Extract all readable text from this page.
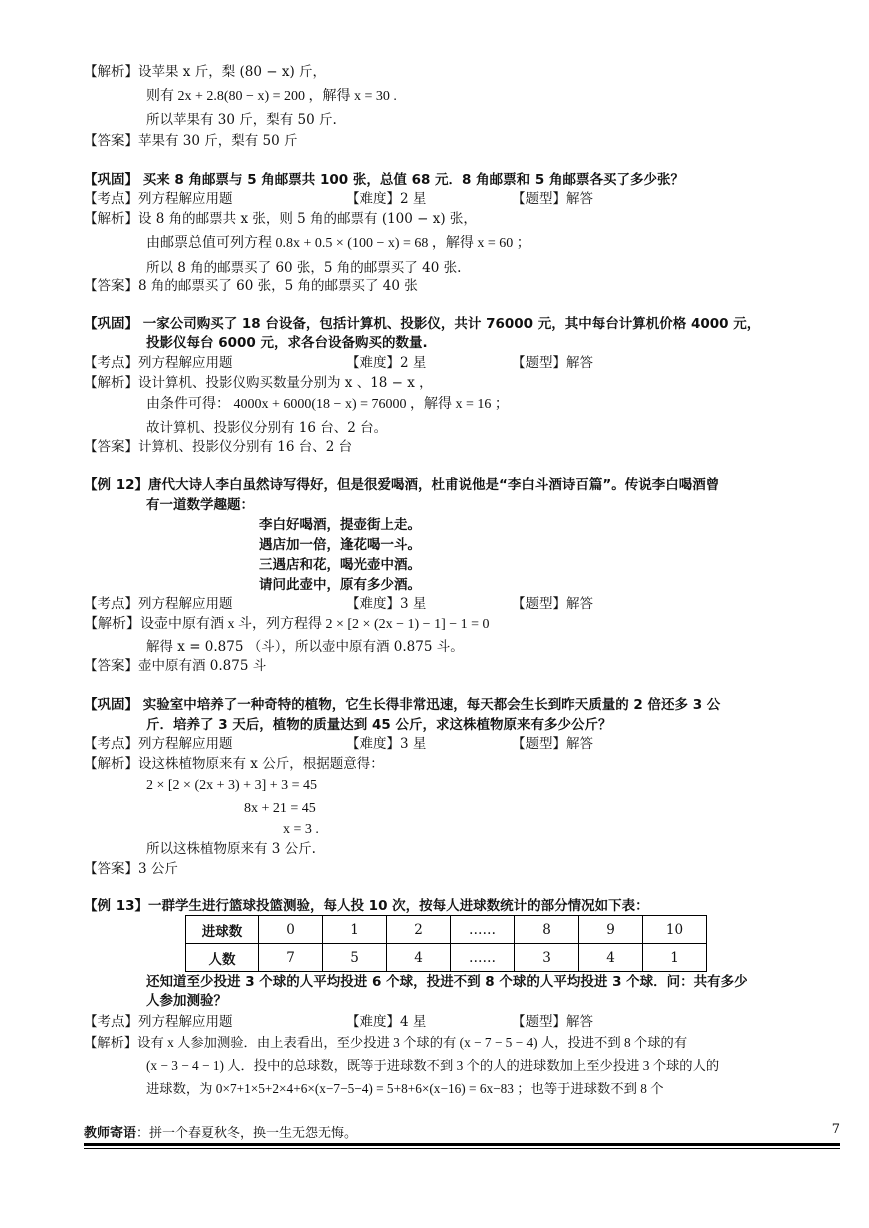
【解析】设苹果 x 斤，梨 (80 − x) 斤，
则有 2x + 2.8(80 − x) = 200 ，解得 x = 30 .
所以苹果有 30 斤，梨有 50 斤.
【答案】苹果有 30 斤，梨有 50 斤
【巩固】 买来 8 角邮票与 5 角邮票共 100 张，总值 68 元．8 角邮票和 5 角邮票各买了多少张？
【考点】列方程解应用题	【难度】2 星	【题型】解答
【解析】设 8 角的邮票共 x 张，则 5 角的邮票有 (100 − x) 张，
由邮票总值可列方程 0.8x + 0.5 × (100 − x) = 68 ，解得 x = 60 ；
所以 8 角的邮票买了 60 张，5 角的邮票买了 40 张.
【答案】8 角的邮票买了 60 张，5 角的邮票买了 40 张
【巩固】 一家公司购买了 18 台设备，包括计算机、投影仪，共计 76000 元，其中每台计算机价格 4000 元，
投影仪每台 6000 元，求各台设备购买的数量.
【考点】列方程解应用题	【难度】2 星	【题型】解答
【解析】设计算机、投影仪购买数量分别为 x 、18 − x ，
由条件可得： 4000x + 6000(18 − x) = 76000 ，解得 x = 16 ；
故计算机、投影仪分别有 16 台、2 台。
【答案】计算机、投影仪分别有 16 台、2 台
【例 12】唐代大诗人李白虽然诗写得好，但是很爱喝酒，杜甫说他是“李白斗酒诗百篇”。传说李白喝酒曾
有一道数学趣题：
李白好喝酒，提壶街上走。
遇店加一倍，逢花喝一斗。
三遇店和花，喝光壶中酒。
请问此壶中，原有多少酒。
【考点】列方程解应用题	【难度】3 星	【题型】解答
【解析】设壶中原有酒 x 斗，列方程得 2 × [2 × (2x − 1) − 1] − 1 = 0
解得 x = 0.875 （斗），所以壶中原有酒 0.875 斗。
【答案】壶中原有酒 0.875 斗
【巩固】 实验室中培养了一种奇特的植物，它生长得非常迅速，每天都会生长到昨天质量的 2 倍还多 3 公
斤．培养了 3 天后，植物的质量达到 45 公斤，求这株植物原来有多少公斤？
【考点】列方程解应用题	【难度】3 星	【题型】解答
【解析】设这株植物原来有 x 公斤，根据题意得：
2 × [2 × (2x + 3) + 3] + 3 = 45
8x + 21 = 45
x = 3 .
所以这株植物原来有 3 公斤.
【答案】3 公斤
【例 13】一群学生进行篮球投篮测验，每人投 10 次，按每人进球数统计的部分情况如下表：
进球数	0	1	2	……	8	9	10
人数	7	5	4	……	3	4	1
还知道至少投进 3 个球的人平均投进 6 个球，投进不到 8 个球的人平均投进 3 个球．问：共有多少
人参加测验？
【考点】列方程解应用题	【难度】4 星	【题型】解答
【解析】设有 x 人参加测验．由上表看出，至少投进 3 个球的有 (x − 7 − 5 − 4) 人，投进不到 8 个球的有
(x − 3 − 4 − 1) 人．投中的总球数，既等于进球数不到 3 个的人的进球数加上至少投进 3 个球的人的
进球数，为 0×7+1×5+2×4+6×(x−7−5−4) = 5+8+6×(x−16) = 6x−83 ；也等于进球数不到 8 个
教师寄语：拼一个春夏秋冬，换一生无怨无悔。	7
